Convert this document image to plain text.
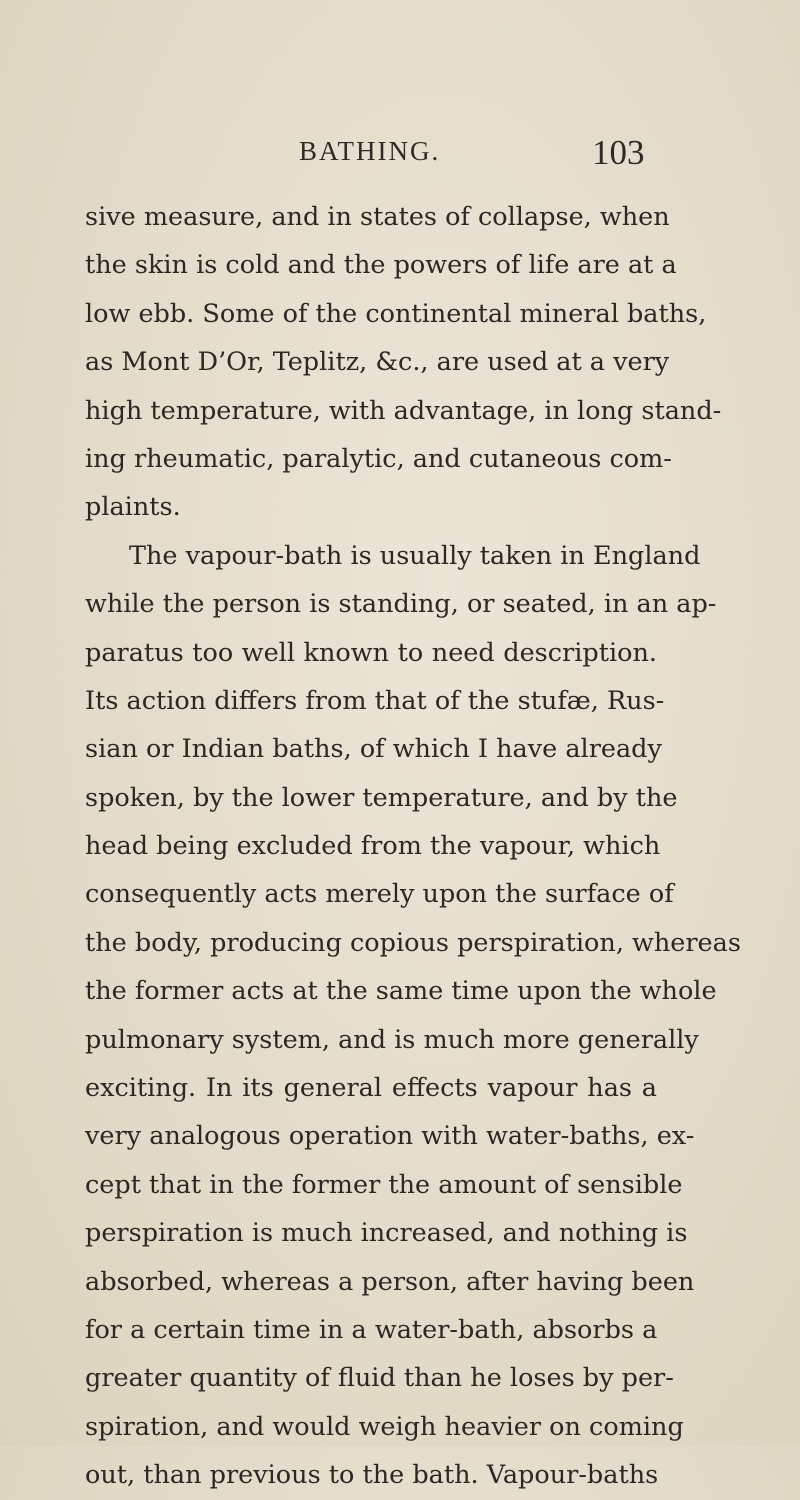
BATHING.	103
sive measure, and in states of collapse, when
the skin is cold and the powers of life are at a
low ebb. Some of the continental mineral baths,
as Mont D’Or, Teplitz, &c., are used at a very
high temperature, with advantage, in long stand-
ing rheumatic, paralytic, and cutaneous com-
plaints.
The vapour-bath is usually taken in England
while the person is standing, or seated, in an ap-
paratus too well known to need description.
Its action differs from that of the stufæ, Rus-
sian or Indian baths, of which I have already
spoken, by the lower temperature, and by the
head being excluded from the vapour, which
consequently acts merely upon the surface of
the body, producing copious perspiration, whereas
the former acts at the same time upon the whole
pulmonary system, and is much more generally
exciting. In its general effects vapour has a
very analogous operation with water-baths, ex-
cept that in the former the amount of sensible
perspiration is much increased, and nothing is
absorbed, whereas a person, after having been
for a certain time in a water-bath, absorbs a
greater quantity of fluid than he loses by per-
spiration, and would weigh heavier on coming
out, than previous to the bath. Vapour-baths
